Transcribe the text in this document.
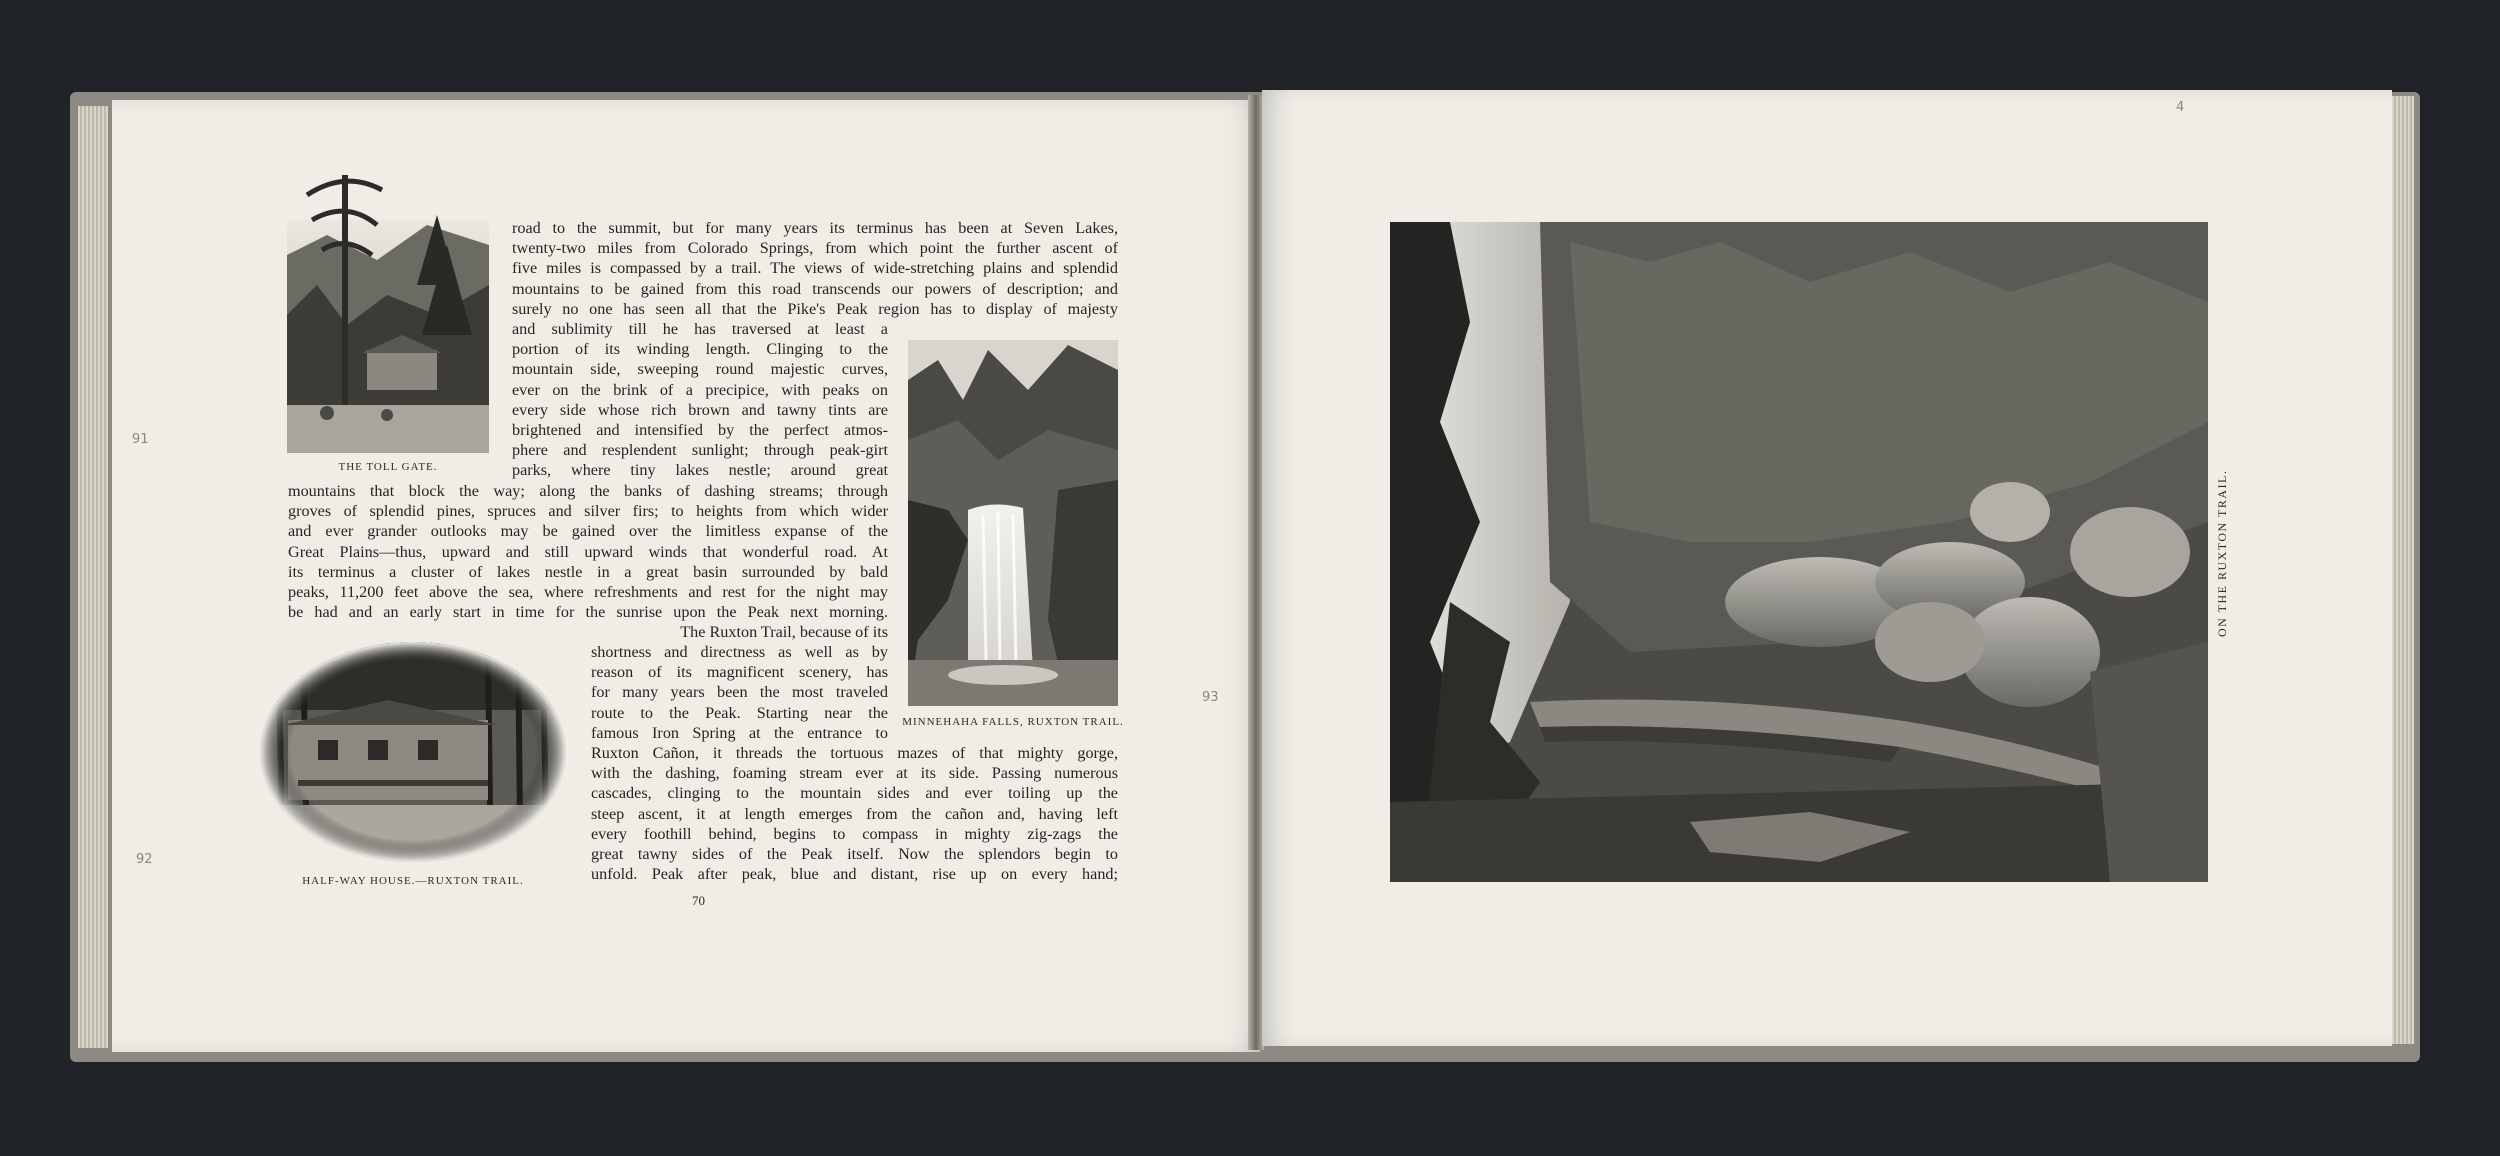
THE TOLL GATE.
road to the summit, but for many years its terminus has been at Seven Lakes,
twenty-two miles from Colorado Springs, from which point the further ascent of
five miles is compassed by a trail. The views of wide-stretching plains and splendid
mountains to be gained from this road transcends our powers of description; and
surely no one has seen all that the Pike's Peak region has to display of majesty
and sublimity till he has traversed at least a
portion of its winding length. Clinging to the
mountain side, sweeping round majestic curves,
ever on the brink of a precipice, with peaks on
every side whose rich brown and tawny tints are
brightened and intensified by the perfect atmos-
phere and resplendent sunlight; through peak-girt
parks, where tiny lakes nestle; around great
MINNEHAHA FALLS, RUXTON TRAIL.
mountains that block the way; along the banks of dashing streams; through
groves of splendid pines, spruces and silver firs; to heights from which wider
and ever grander outlooks may be gained over the limitless expanse of the
Great Plains—thus, upward and still upward winds that wonderful road. At
its terminus a cluster of lakes nestle in a great basin surrounded by bald
peaks, 11,200 feet above the sea, where refreshments and rest for the night may
be had and an early start in time for the sunrise upon the Peak next morning.
HALF-WAY HOUSE.—RUXTON TRAIL.
The Ruxton Trail, because of its
shortness and directness as well as by
reason of its magnificent scenery, has
for many years been the most traveled
route to the Peak. Starting near the
famous Iron Spring at the entrance to
Ruxton Cañon, it threads the tortuous mazes of that mighty gorge,
with the dashing, foaming stream ever at its side. Passing numerous
cascades, clinging to the mountain sides and ever toiling up the
steep ascent, it at length emerges from the cañon and, having left
every foothill behind, begins to compass in mighty zig-zags the
great tawny sides of the Peak itself. Now the splendors begin to
unfold. Peak after peak, blue and distant, rise up on every hand;
70
91
92
93
ON THE RUXTON TRAIL.
4
